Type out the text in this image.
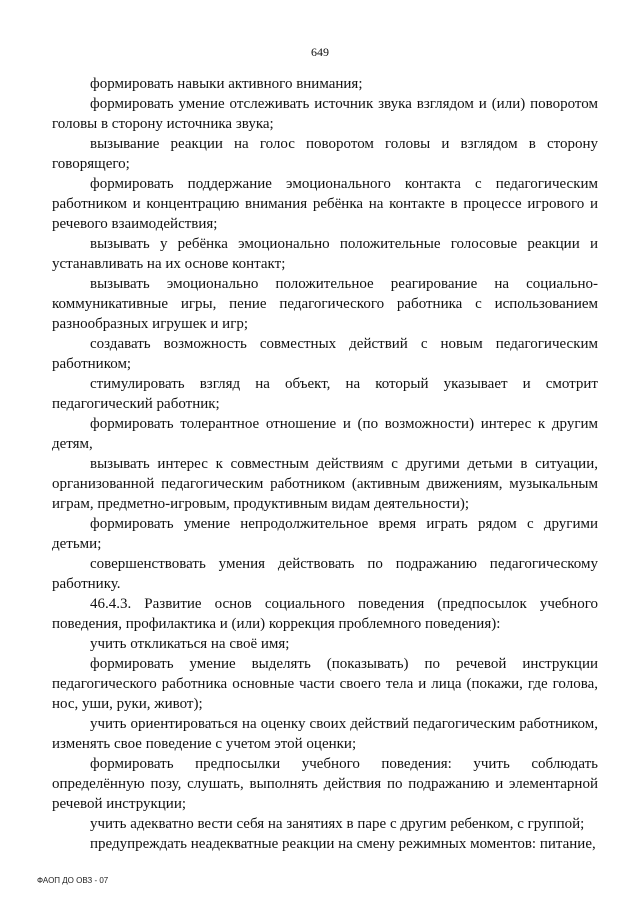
649

формировать навыки активного внимания;

формировать умение отслеживать источник звука взглядом и (или) поворотом головы в сторону источника звука;

вызывание реакции на голос поворотом головы и взглядом в сторону говорящего;

формировать поддержание эмоционального контакта с педагогическим работником и концентрацию внимания ребёнка на контакте в процессе игрового и речевого взаимодействия;

вызывать у ребёнка эмоционально положительные голосовые реакции и устанавливать на их основе контакт;

вызывать эмоционально положительное реагирование на социально-коммуникативные игры, пение педагогического работника с использованием разнообразных игрушек и игр;

создавать возможность совместных действий с новым педагогическим работником;

стимулировать взгляд на объект, на который указывает и смотрит педагогический работник;

формировать толерантное отношение и (по возможности) интерес к другим детям,

вызывать интерес к совместным действиям с другими детьми в ситуации, организованной педагогическим работником (активным движениям, музыкальным играм, предметно-игровым, продуктивным видам деятельности);

формировать умение непродолжительное время играть рядом с другими детьми;

совершенствовать умения действовать по подражанию педагогическому работнику.

46.4.3. Развитие основ социального поведения (предпосылок учебного поведения, профилактика и (или) коррекция проблемного поведения):

учить откликаться на своё имя;

формировать умение выделять (показывать) по речевой инструкции педагогического работника основные части своего тела и лица (покажи, где голова, нос, уши, руки, живот);

учить ориентироваться на оценку своих действий педагогическим работником, изменять свое поведение с учетом этой оценки;

формировать предпосылки учебного поведения: учить соблюдать определённую позу, слушать, выполнять действия по подражанию и элементарной речевой инструкции;

учить адекватно вести себя на занятиях в паре с другим ребенком, с группой;

предупреждать неадекватные реакции на смену режимных моментов: питание,

ФАОП ДО ОВЗ - 07
